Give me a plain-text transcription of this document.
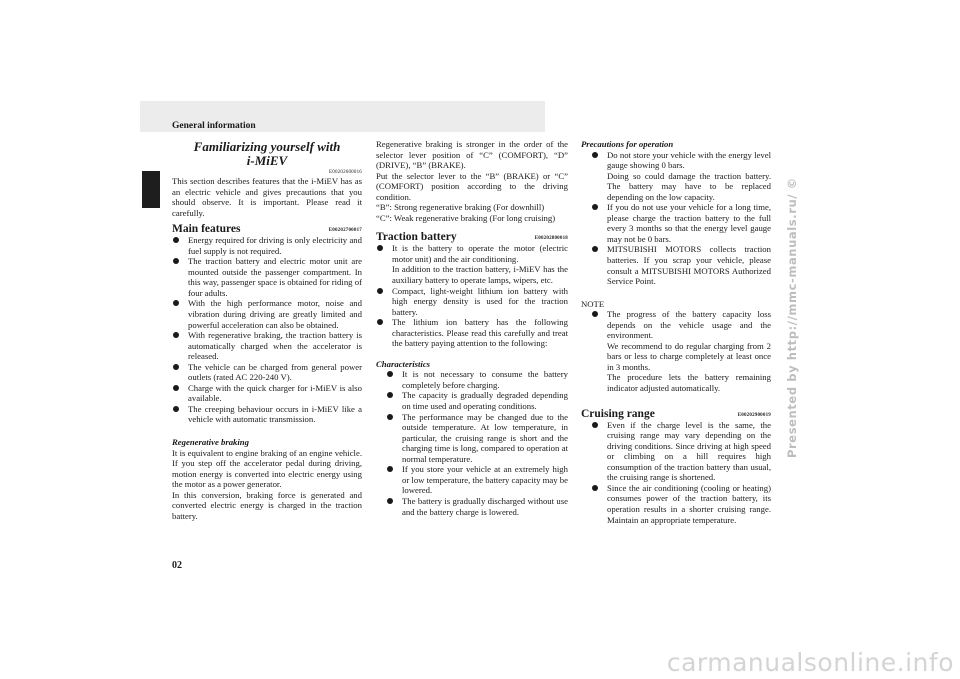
General information
Familiarizing yourself with
i-MiEV
E00202600016

This section describes features that the i-MiEV has as an electric vehicle and gives precautions that you should observe. It is important. Please read it carefully.

Main features	E00202700017
Energy required for driving is only electricity and fuel supply is not required.
The traction battery and electric motor unit are mounted outside the passenger compartment. In this way, passenger space is obtained for riding of four adults.
With the high performance motor, noise and vibration during driving are greatly limited and powerful acceleration can also be obtained.
With regenerative braking, the traction battery is automatically charged when the accelerator is released.
The vehicle can be charged from general power outlets (rated AC 220-240 V).
Charge with the quick charger for i-MiEV is also available.
The creeping behaviour occurs in i-MiEV like a vehicle with automatic transmission.

Regenerative braking

It is equivalent to engine braking of an engine vehicle. If you step off the accelerator pedal during driving, motion energy is converted into electric energy using the motor as a power generator.

In this conversion, braking force is generated and converted electric energy is charged in the traction battery.

Regenerative braking is stronger in the order of the selector lever position of “C” (COMFORT), “D” (DRIVE), “B” (BRAKE).

Put the selector lever to the “B” (BRAKE) or “C” (COMFORT) position according to the driving condition.

“B”: Strong regenerative braking (For downhill)

“C”: Weak regenerative braking (For long cruising)

Traction battery	E00202800018
It is the battery to operate the motor (electric motor unit) and the air conditioning.
In addition to the traction battery, i-MiEV has the auxiliary battery to operate lamps, wipers, etc.
Compact, light-weight lithium ion battery with high energy density is used for the traction battery.
The lithium ion battery has the following characteristics. Please read this carefully and treat the battery paying attention to the following:

Characteristics

It is not necessary to consume the battery completely before charging.
The capacity is gradually degraded depending on time used and operating conditions.
The performance may be changed due to the outside temperature. At low temperature, in particular, the cruising range is short and the charging time is long, compared to operation at normal temperature.
If you store your vehicle at an extremely high or low temperature, the battery capacity may be lowered.
The battery is gradually discharged without use and the battery charge is lowered.

Precautions for operation

Do not store your vehicle with the energy level gauge showing 0 bars.
Doing so could damage the traction battery. The battery may have to be replaced depending on the low capacity.
If you do not use your vehicle for a long time, please charge the traction battery to the full every 3 months so that the energy level gauge may not be 0 bars.
MITSUBISHI MOTORS collects traction batteries. If you scrap your vehicle, please consult a MITSUBISHI MOTORS Authorized Service Point.

NOTE

The progress of the battery capacity loss depends on the vehicle usage and the environment.
We recommend to do regular charging from 2 bars or less to charge completely at least once in 3 months.
The procedure lets the battery remaining indicator adjusted automatically.
Cruising range	E00202900019
Even if the charge level is the same, the cruising range may vary depending on the driving conditions. Since driving at high speed or climbing on a hill requires high consumption of the traction battery than usual, the cruising range is shortened.
Since the air conditioning (cooling or heating) consumes power of the traction battery, its operation results in a shorter cruising range. Maintain an appropriate temperature.
02
Presented by http://mmc-manuals.ru/ ©
carmanualsonline.info
